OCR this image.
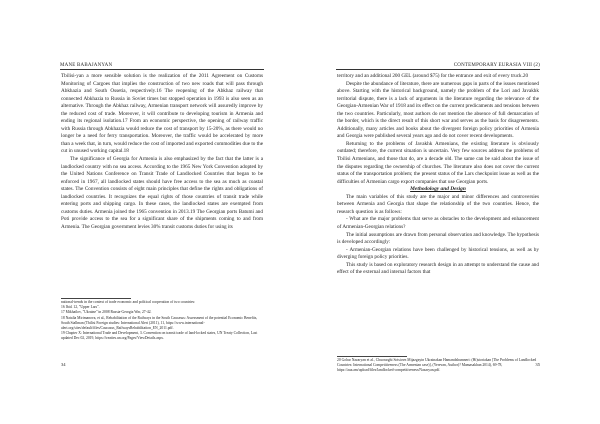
MANE BABAJANYAN

Tbilisi-yan a more sensible solution is the realization of the 2011 Agreement on Customs Monitoring of Cargoes that implies the construction of two new roads that will pass through Abkhazia and South Ossetia, respectively.16 The reopening of the Abkhaz railway that connected Abkhazia to Russia in Soviet times but stopped operation in 1993 is also seen as an alternative. Through the Abkhaz railway, Armenian transport network will assuredly improve by the reduced cost of trade. Moreover, it will contribute to developing tourism in Armenia and ending its regional isolation.17 From an economic perspective, the opening of railway traffic with Russia through Abkhazia would reduce the cost of transport by 15-20%, as there would no longer be a need for ferry transportation. Moreover, the traffic would be accelerated by more than a week that, in turn, would reduce the cost of imported and exported commodities due to the cut in unused working capital.18

The significance of Georgia for Armenia is also emphasized by the fact that the latter is a landlocked country with no sea access. According to the 1965 New York Convention adopted by the United Nations Conference on Transit Trade of Landlocked Countries that began to be enforced in 1967, all landlocked states should have free access to the sea as much as coastal states. The Convention consists of eight main principles that define the rights and obligations of landlocked countries. It recognizes the equal rights of those countries of transit trade while entering ports and shipping cargo. In these cases, the landlocked states are exempted from customs duties. Armenia joined the 1965 convention in 2013.19 The Georgian ports Batumi and Poti provide access to the sea for a significant share of the shipments coming to and from Armenia. The Georgian government levies 30% transit customs duties for using its

national-trends in the context of trade economic and political cooperation of two countries:
16 Ibid. 12, "Upper Lars".
17 Mikhailov, "Ukraine" in 2008 Russia-Georgia War, 27-42.
18 Natalia Mirimanova, et al., Rehabilitation of the Railways in the South Caucasus: Assessment of the potential Economic Benefits, South Stallman (Tbilisi Foreign studies: International Alert (2011), 11, https://www.international-alert.org/sites/default/files/Caucasus_RailwaysRehabilitation_EN_2011.pdf.
19 Chapter X: International Trade and Development, 3. Convention on transit trade of land-locked states, UN Treaty Collection, Last updated Dec 02, 2019, https://treaties.un.org/Pages/ViewDetails.aspx.
34
CONTEMPORARY EURASIA VIII (2)

territory and an additional 200 GEL (around $75) for the entrance and exit of every truck.20

Despite the abundance of literature, there are numerous gaps in parts of the issues mentioned above. Starting with the historical background, namely the problem of the Lori and Javakhk territorial dispute, there is a lack of arguments in the literature regarding the relevance of the Georgian-Armenian War of 1918 and its effect on the current predicaments and tensions between the two countries. Particularly, most authors do not mention the absence of full demarcation of the border, which is the direct result of this short war and serves as the basis for disagreements. Additionally, many articles and books about the divergent foreign policy priorities of Armenia and Georgia were published several years ago and do not cover recent developments.

Returning to the problems of Javakhk Armenians, the existing literature is obviously outdated; therefore, the current situation is uncertain. Very few sources address the problems of Tbilisi Armenians, and those that do, are a decade old. The same can be said about the issue of the disputes regarding the ownership of churches. The literature also does not cover the current status of the transportation problem; the present status of the Lars checkpoint issue as well as the difficulties of Armenian cargo export companies that use Georgian ports.

Methodology and Design

The main variables of this study are the major and minor differences and controversies between Armenia and Georgia that shape the relationship of the two countries. Hence, the research question is as follows:

- What are the major problems that serve as obstacles to the development and enhancement of Armenian-Georgian relations?

The initial assumptions are drawn from personal observation and knowledge. The hypothesis is developed accordingly:

- Armenian-Georgian relations have been challenged by historical tensions, as well as by diverging foreign policy priorities.

This study is based on exploratory research design in an attempt to understand the cause and effect of the external and internal factors that

20 Gohar Nazaryan et al., Chuorarghi Sotsiovn Mijazgayin Ukrainakan Hamandzhumneri: (Hi)storiakan [The Problems of Landlocked Countries: International Competitiveness (The Armenian case)], (Yerevan, Author)? Mamasakhan 2014), 69-78, https://aua.am/upload/files/landlocked-competitiveness/Nazaryan.pdf.
35
